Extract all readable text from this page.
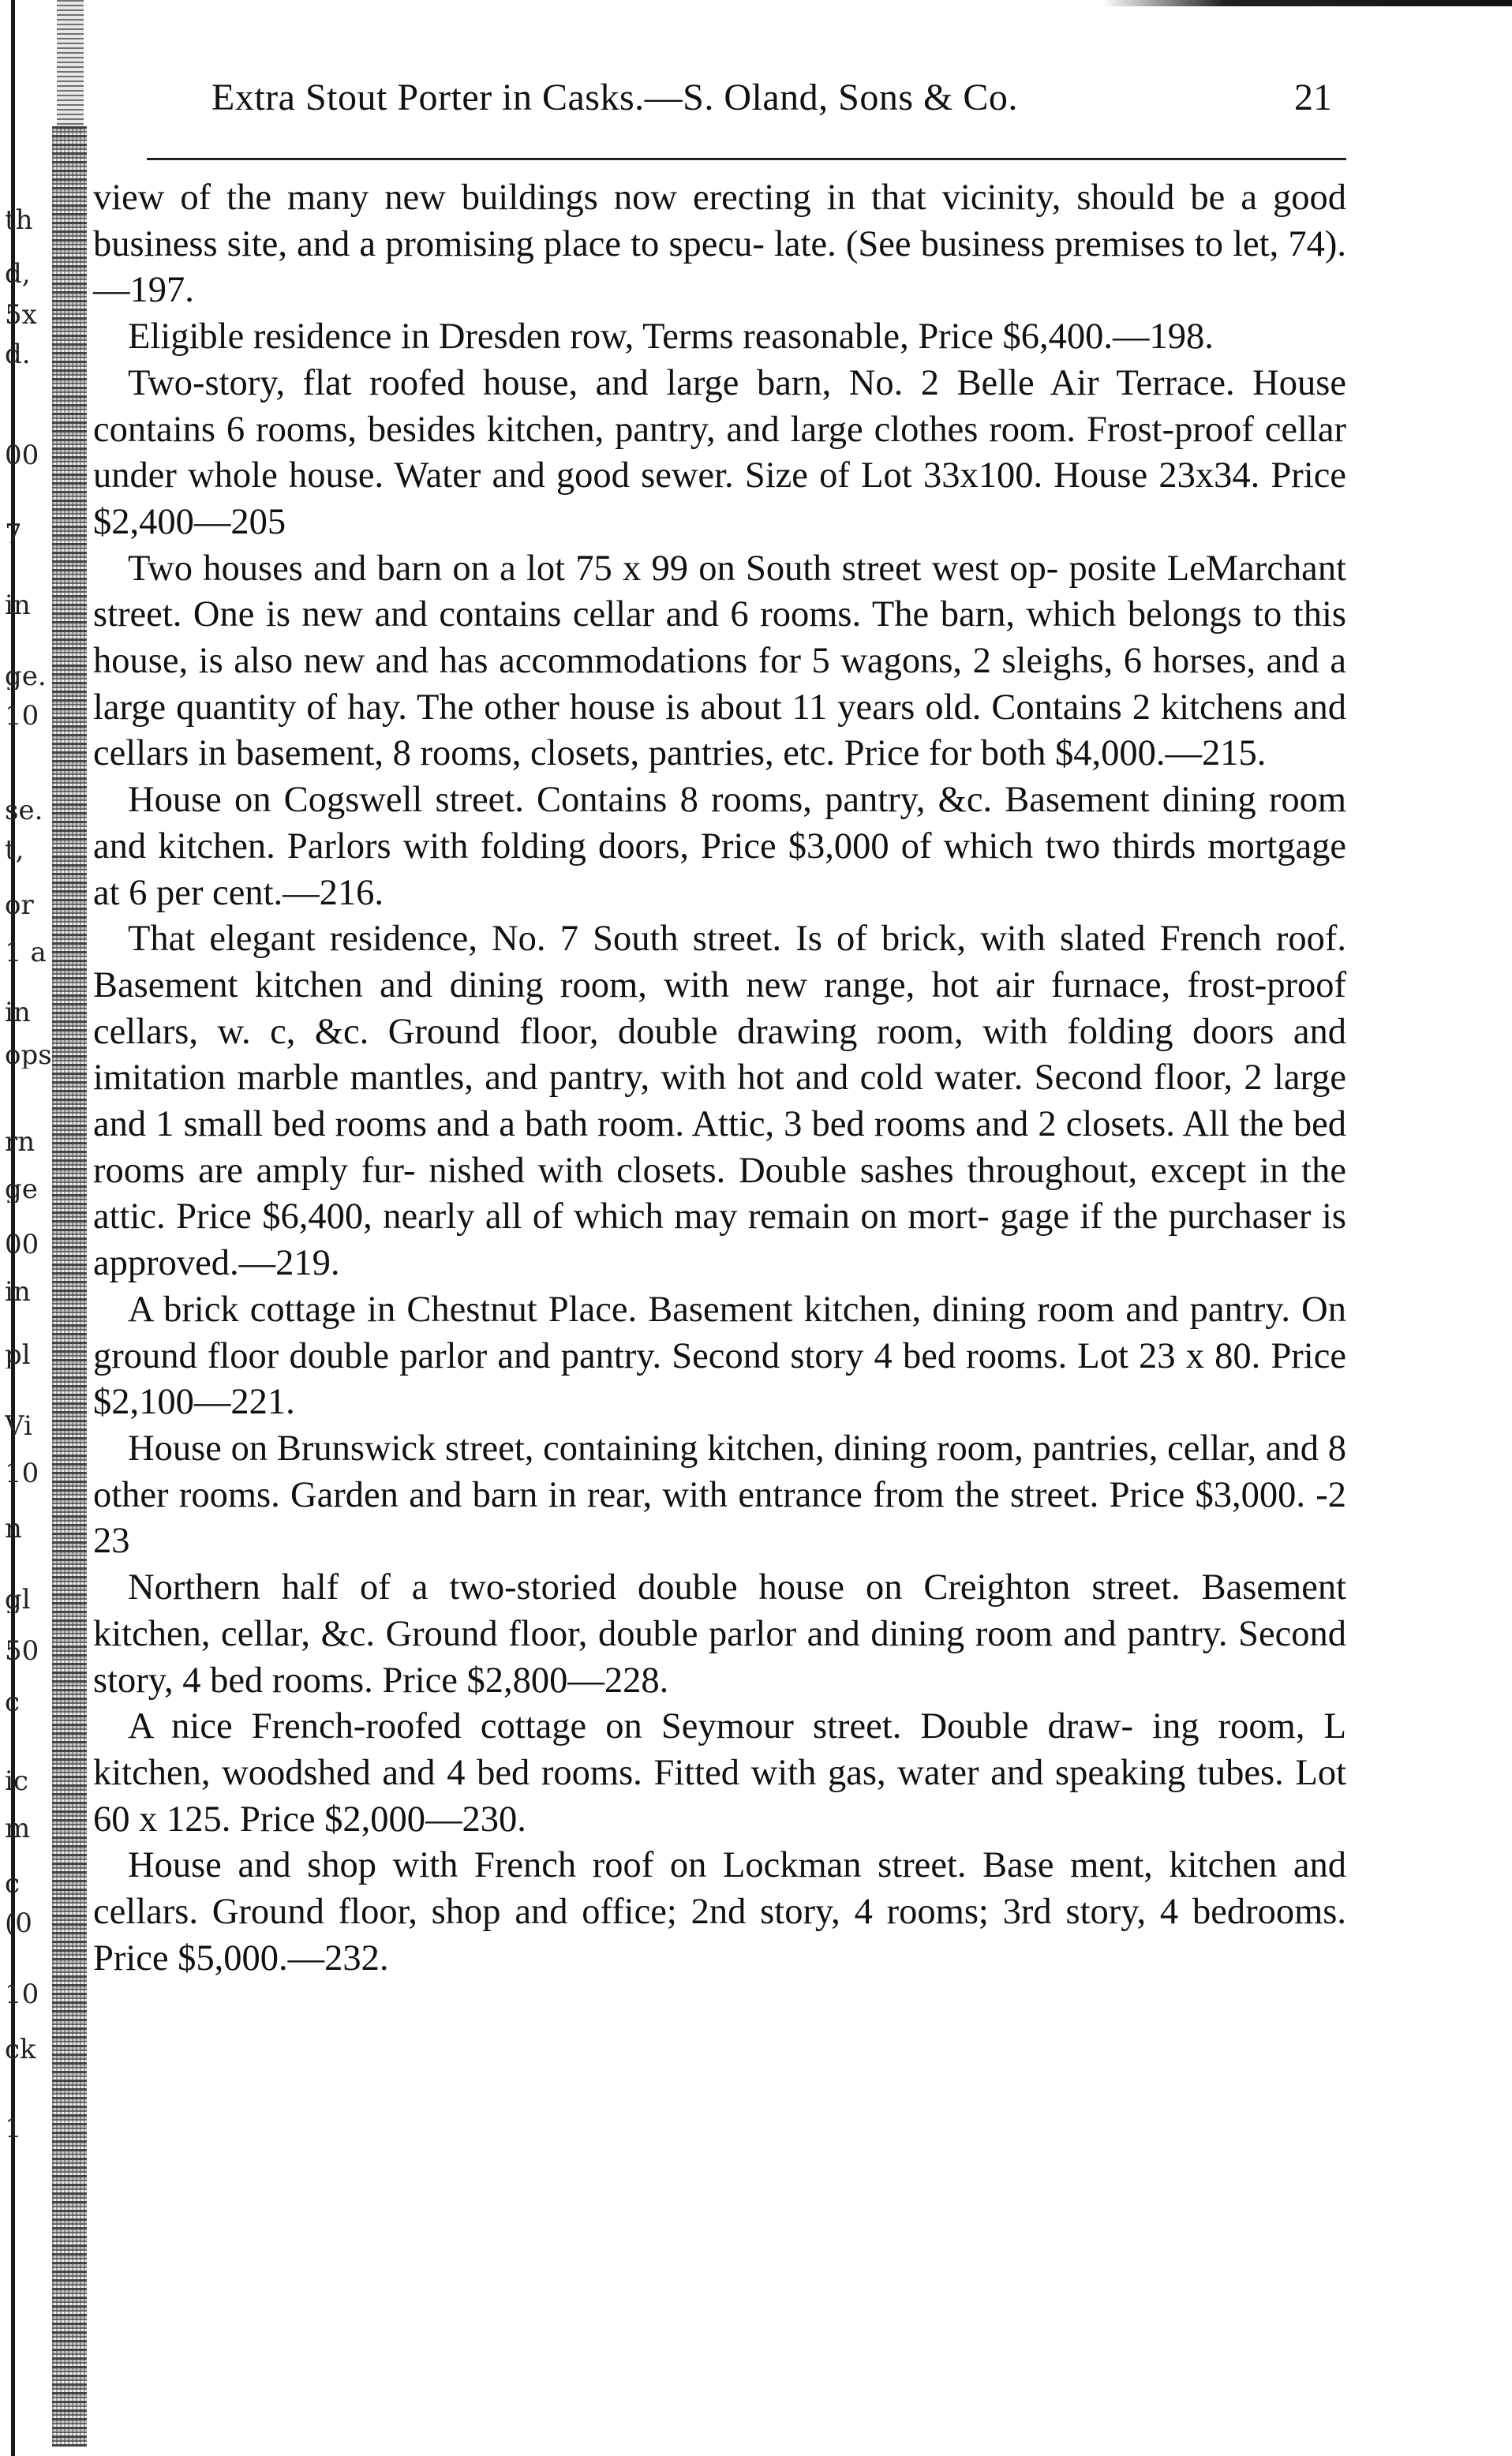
th
d,
5x
d.
00
7
in
ge.
10
se.
t,
or
1 a
in
ops
rn
ge
00
in
pl
Vi
10
n
gl
50
c
ic
m
c
(0
10
ck
1
Extra Stout Porter in Casks.—S. Oland, Sons & Co.	21

view of the many new buildings now erecting in that vicinity, should be a good business site, and a promising place to specu- late. (See business premises to let, 74).—197.

Eligible residence in Dresden row, Terms reasonable, Price $6,400.—198.

Two-story, flat roofed house, and large barn, No. 2 Belle Air Terrace. House contains 6 rooms, besides kitchen, pantry, and large clothes room. Frost-proof cellar under whole house. Water and good sewer. Size of Lot 33x100. House 23x34. Price $2,400—205

Two houses and barn on a lot 75 x 99 on South street west op- posite LeMarchant street. One is new and contains cellar and 6 rooms. The barn, which belongs to this house, is also new and has accommodations for 5 wagons, 2 sleighs, 6 horses, and a large quantity of hay. The other house is about 11 years old. Contains 2 kitchens and cellars in basement, 8 rooms, closets, pantries, etc. Price for both $4,000.—215.

House on Cogswell street. Contains 8 rooms, pantry, &c. Basement dining room and kitchen. Parlors with folding doors, Price $3,000 of which two thirds mortgage at 6 per cent.—216.

That elegant residence, No. 7 South street. Is of brick, with slated French roof. Basement kitchen and dining room, with new range, hot air furnace, frost-proof cellars, w. c, &c. Ground floor, double drawing room, with folding doors and imitation marble mantles, and pantry, with hot and cold water. Second floor, 2 large and 1 small bed rooms and a bath room. Attic, 3 bed rooms and 2 closets. All the bed rooms are amply fur- nished with closets. Double sashes throughout, except in the attic. Price $6,400, nearly all of which may remain on mort- gage if the purchaser is approved.—219.

A brick cottage in Chestnut Place. Basement kitchen, dining room and pantry. On ground floor double parlor and pantry. Second story 4 bed rooms. Lot 23 x 80. Price $2,100—221.

House on Brunswick street, containing kitchen, dining room, pantries, cellar, and 8 other rooms. Garden and barn in rear, with entrance from the street. Price $3,000. -2 23

Northern half of a two-storied double house on Creighton street. Basement kitchen, cellar, &c. Ground floor, double parlor and dining room and pantry. Second story, 4 bed rooms. Price $2,800—228.

A nice French-roofed cottage on Seymour street. Double draw- ing room, L kitchen, woodshed and 4 bed rooms. Fitted with gas, water and speaking tubes. Lot 60 x 125. Price $2,000—230.

House and shop with French roof on Lockman street. Base ment, kitchen and cellars. Ground floor, shop and office; 2nd story, 4 rooms; 3rd story, 4 bedrooms. Price $5,000.—232.
